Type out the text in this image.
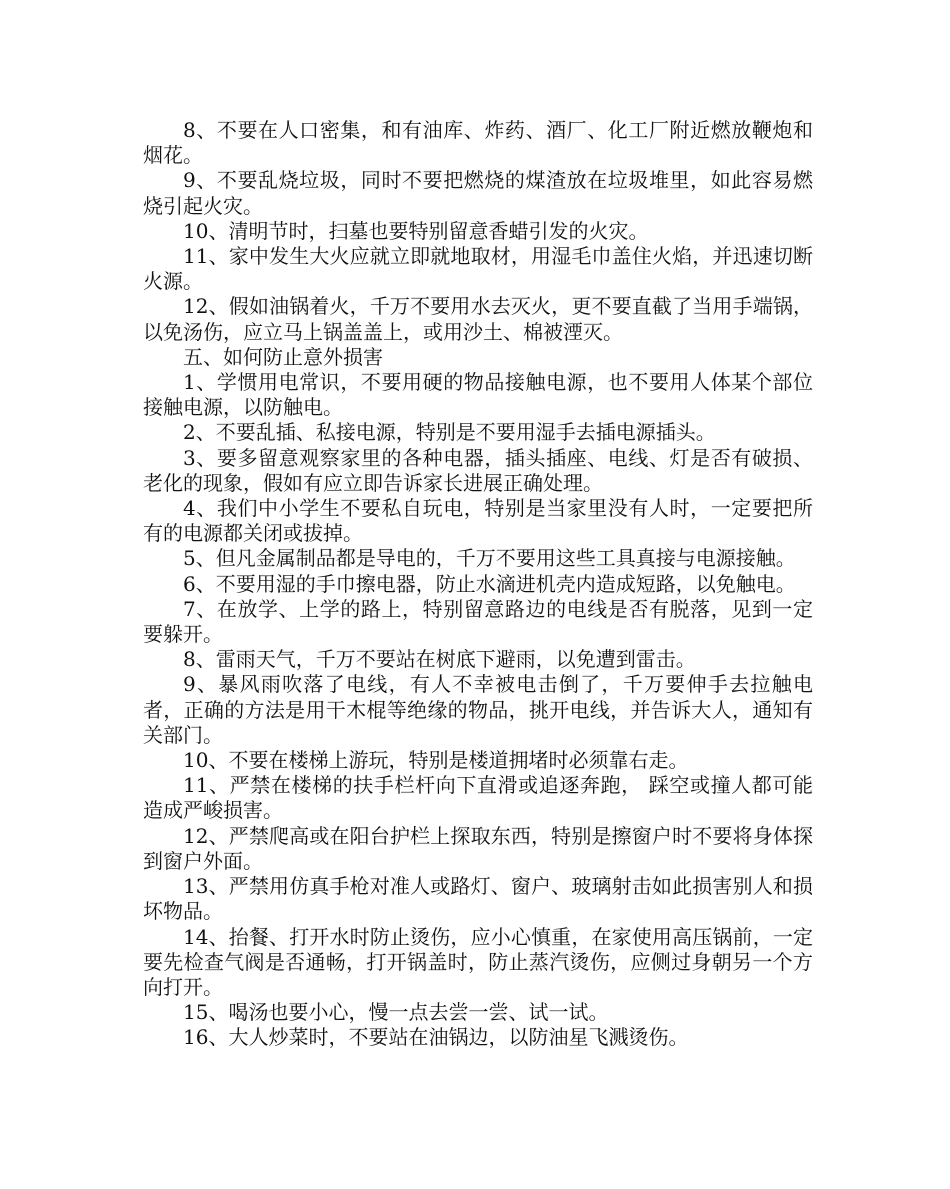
8、不要在人口密集，和有油库、炸药、酒厂、化工厂附近燃放鞭炮和烟花。

9、不要乱烧垃圾，同时不要把燃烧的煤渣放在垃圾堆里，如此容易燃烧引起火灾。

10、清明节时，扫墓也要特别留意香蜡引发的火灾。

11、家中发生大火应就立即就地取材，用湿毛巾盖住火焰，并迅速切断火源。

12、假如油锅着火，千万不要用水去灭火，更不要直截了当用手端锅，以免汤伤，应立马上锅盖盖上，或用沙土、棉被湮灭。

五、如何防止意外损害

1、学惯用电常识，不要用硬的物品接触电源，也不要用人体某个部位接触电源，以防触电。

2、不要乱插、私接电源，特别是不要用湿手去插电源插头。

3、要多留意观察家里的各种电器，插头插座、电线、灯是否有破损、老化的现象，假如有应立即告诉家长进展正确处理。

4、我们中小学生不要私自玩电，特别是当家里没有人时，一定要把所有的电源都关闭或拔掉。

5、但凡金属制品都是导电的，千万不要用这些工具真接与电源接触。

6、不要用湿的手巾擦电器，防止水滴进机壳内造成短路，以免触电。

7、在放学、上学的路上，特别留意路边的电线是否有脱落，见到一定要躲开。

8、雷雨天气，千万不要站在树底下避雨，以免遭到雷击。

9、暴风雨吹落了电线，有人不幸被电击倒了，千万要伸手去拉触电者，正确的方法是用干木棍等绝缘的物品，挑开电线，并告诉大人，通知有关部门。

10、不要在楼梯上游玩，特别是楼道拥堵时必须靠右走。

11、严禁在楼梯的扶手栏杆向下直滑或追逐奔跑， 踩空或撞人都可能造成严峻损害。

12、严禁爬高或在阳台护栏上探取东西，特别是擦窗户时不要将身体探到窗户外面。

13、严禁用仿真手枪对准人或路灯、窗户、玻璃射击如此损害别人和损坏物品。

14、抬餐、打开水时防止烫伤，应小心慎重，在家使用高压锅前，一定要先检查气阀是否通畅，打开锅盖时，防止蒸汽烫伤，应侧过身朝另一个方向打开。

15、喝汤也要小心，慢一点去尝一尝、试一试。

16、大人炒菜时，不要站在油锅边，以防油星飞溅烫伤。
